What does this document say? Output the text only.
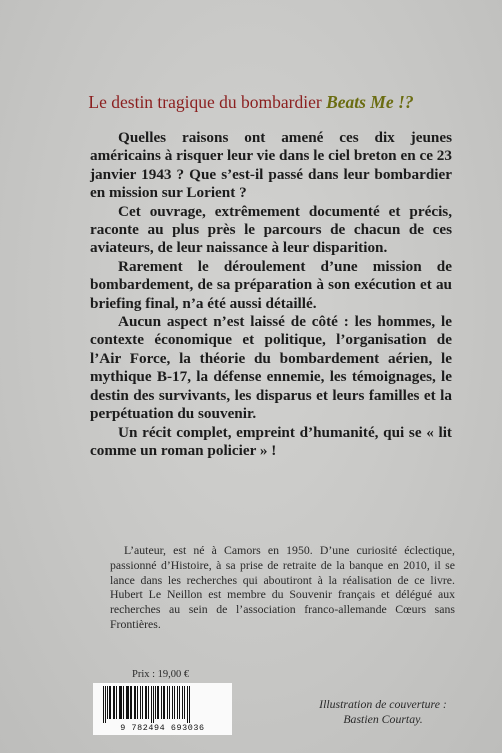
Le destin tragique du bombardier Beats Me !?

Quelles raisons ont amené ces dix jeunes américains à risquer leur vie dans le ciel breton en ce 23 janvier 1943 ? Que s’est-il passé dans leur bombardier en mission sur Lorient ?

Cet ouvrage, extrêmement documenté et précis, raconte au plus près le parcours de chacun de ces aviateurs, de leur naissance à leur disparition.

Rarement le déroulement d’une mission de bombardement, de sa préparation à son exécution et au briefing final, n’a été aussi détaillé.

Aucun aspect n’est laissé de côté : les hommes, le contexte économique et politique, l’organisation de l’Air Force, la théorie du bombardement aérien, le mythique B-17, la défense ennemie, les témoignages, le destin des survivants, les disparus et leurs familles et la perpétuation du souvenir.

Un récit complet, empreint d’humanité, qui se « lit comme un roman policier » !

L’auteur, est né à Camors en 1950. D’une curiosité éclectique, passionné d’Histoire, à sa prise de retraite de la banque en 2010, il se lance dans les recherches qui aboutiront à la réalisation de ce livre. Hubert Le Neillon est membre du Souvenir français et délégué aux recherches au sein de l’association franco-allemande Cœurs sans Frontières.

Prix : 19,00 €
9 782494 693036
Illustration de couverture :
Bastien Courtay.
